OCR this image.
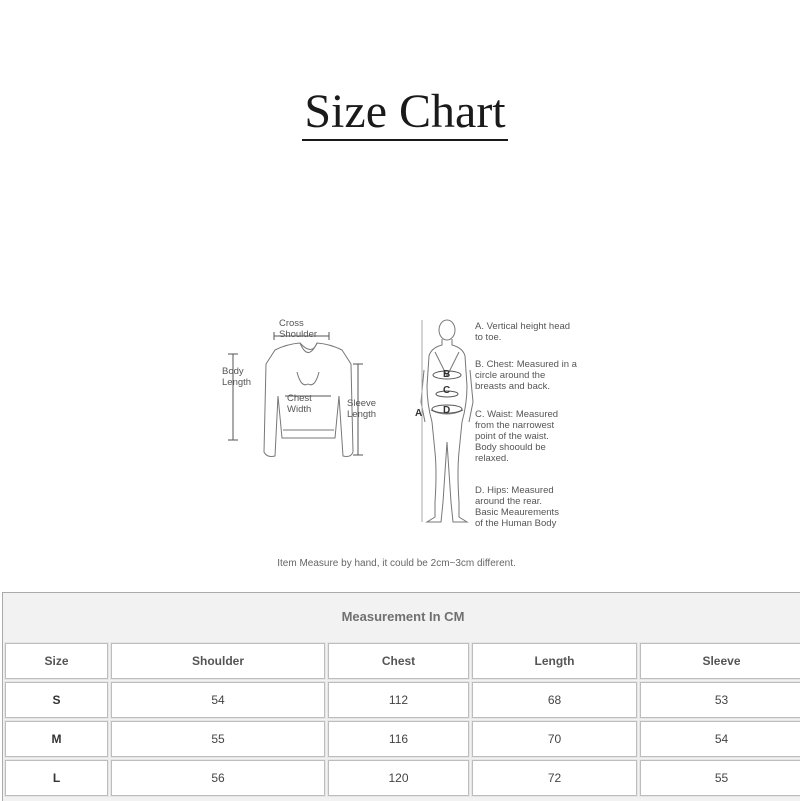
Size Chart
Cross
Shoulder
Body
Length
Chest
Width
Sleeve
Length	A
B
C
D
A. Vertical height head
to toe.
B. Chest: Measured in a
circle around the
breasts and back.
C. Waist: Measured
from the narrowest
point of the waist.
Body shoould be
relaxed.
D. Hips: Measured
around the rear.
Basic Meaurements
of the Human Body
Item Measure by hand, it could be 2cm~3cm different.
Measurement In CM
Size	Shoulder	Chest	Length	Sleeve
S	54	112	68	53
M	55	116	70	54
L	56	120	72	55
